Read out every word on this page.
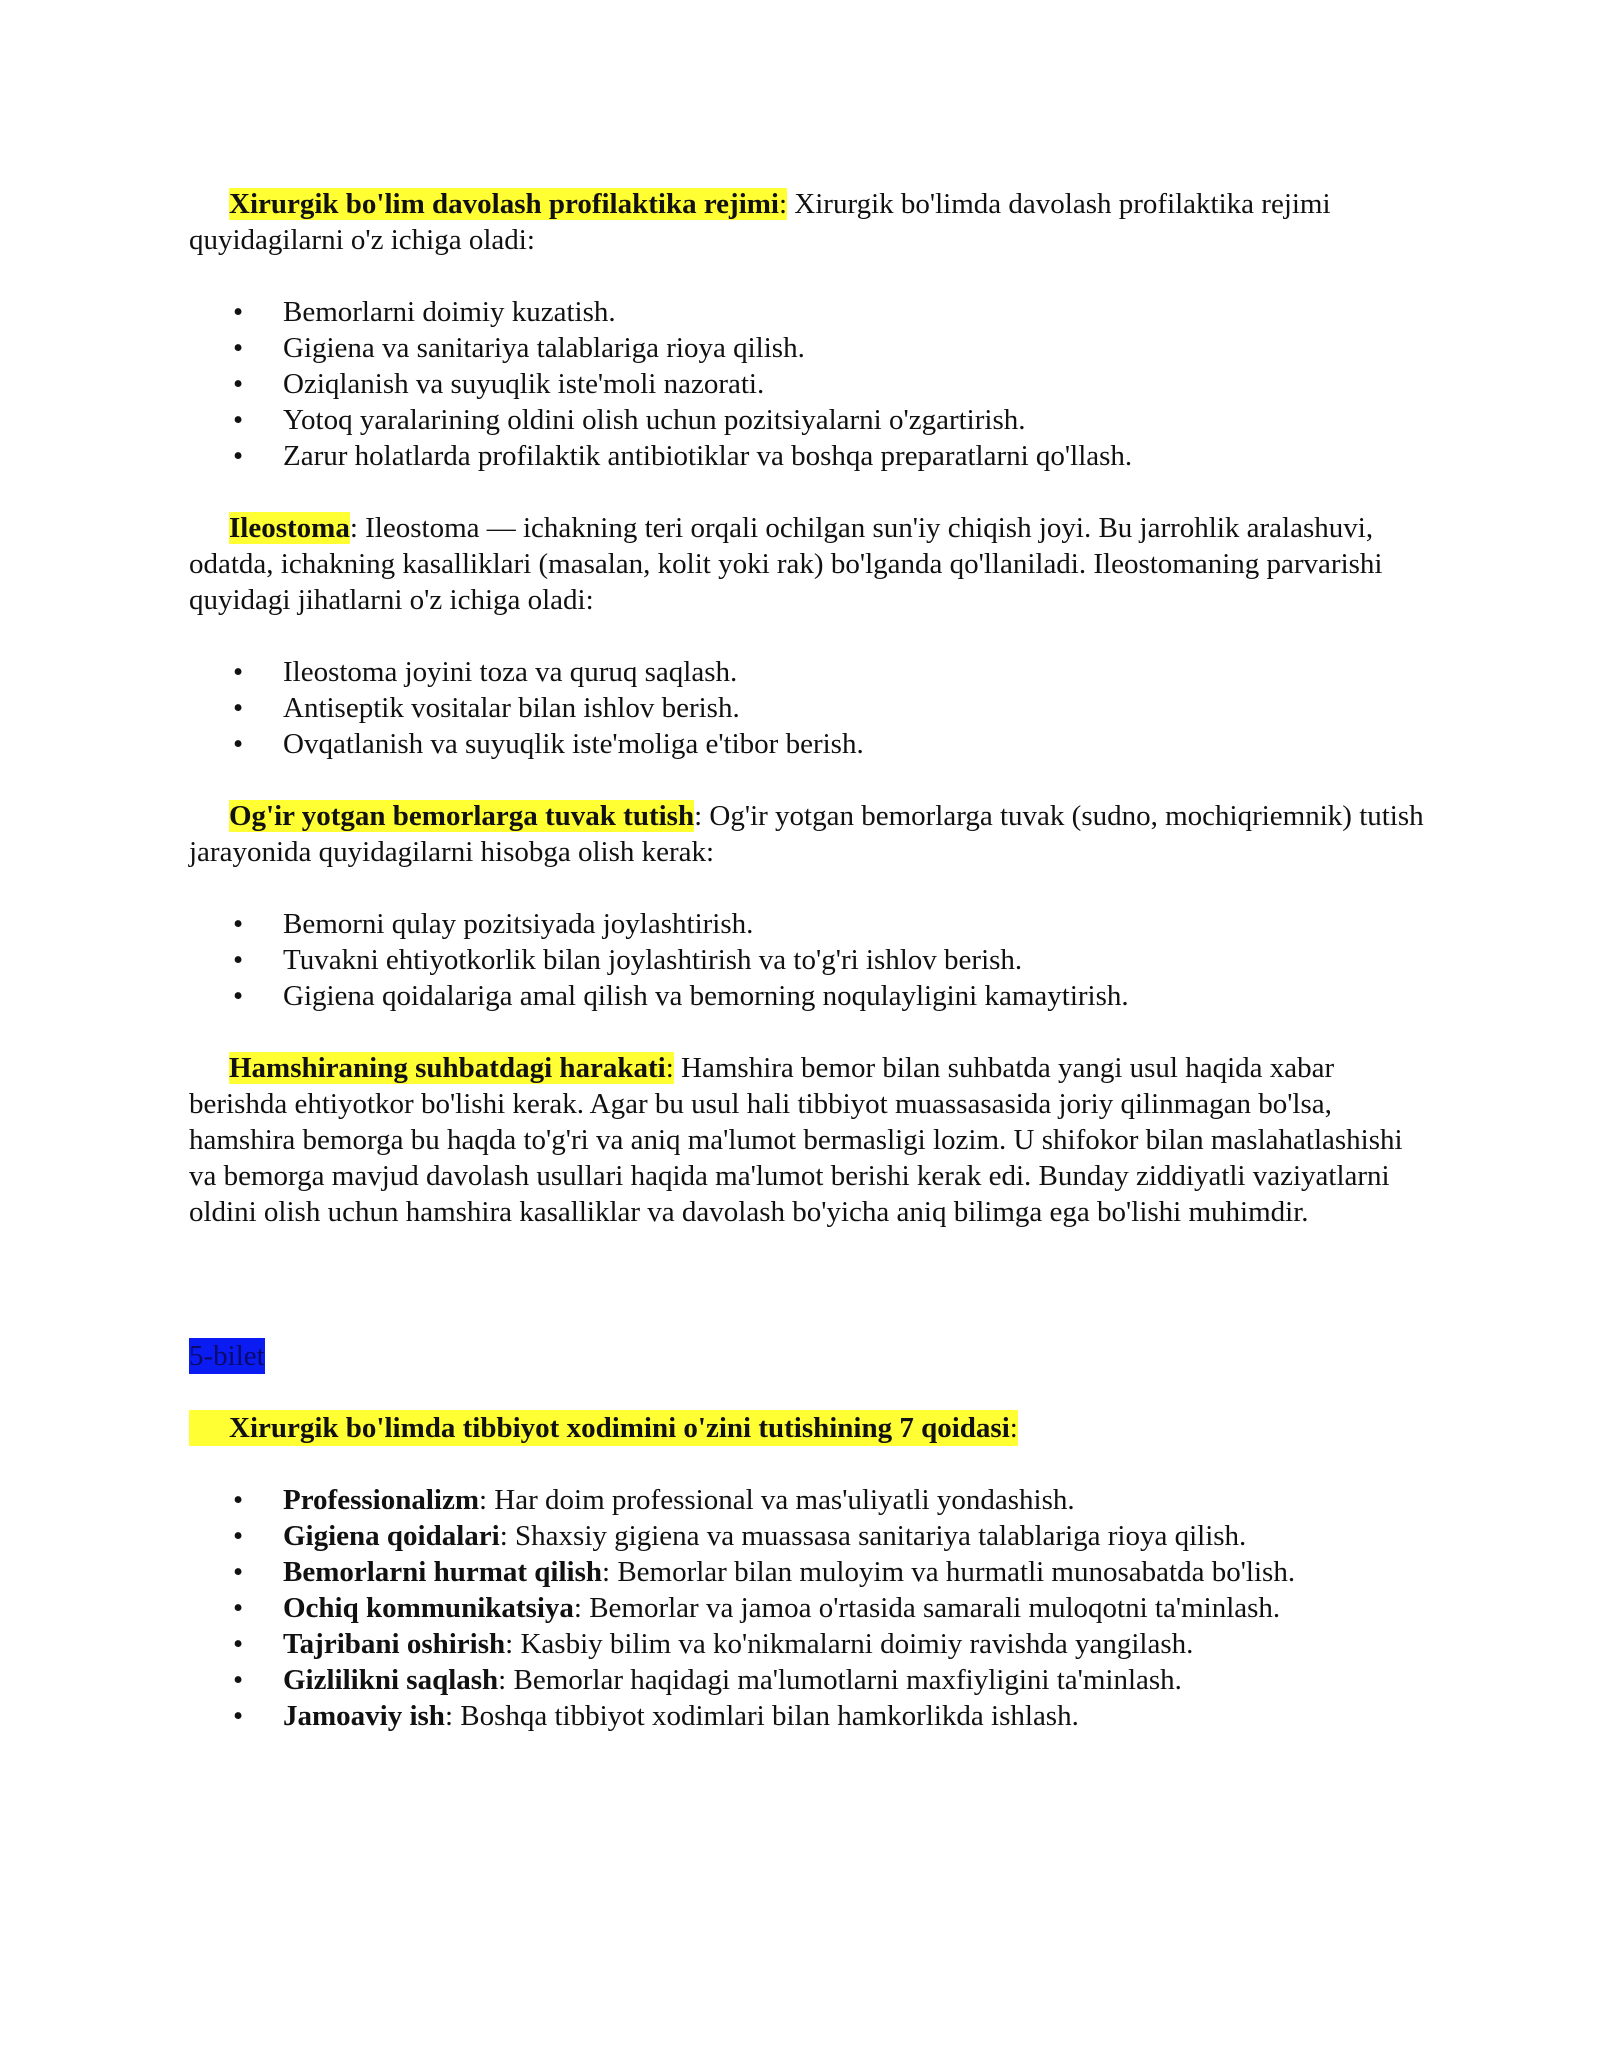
Xirurgik bo'lim davolash profilaktika rejimi: Xirurgik bo'limda davolash profilaktika rejimi quyidagilarni o'z ichiga oladi:

• Bemorlarni doimiy kuzatish.
• Gigiena va sanitariya talablariga rioya qilish.
• Oziqlanish va suyuqlik iste'moli nazorati.
• Yotoq yaralarining oldini olish uchun pozitsiyalarni o'zgartirish.
• Zarur holatlarda profilaktik antibiotiklar va boshqa preparatlarni qo'llash.

Ileostoma: Ileostoma — ichakning teri orqali ochilgan sun'iy chiqish joyi. Bu jarrohlik aralashuvi, odatda, ichakning kasalliklari (masalan, kolit yoki rak) bo'lganda qo'llaniladi. Ileostomaning parvarishi quyidagi jihatlarni o'z ichiga oladi:

• Ileostoma joyini toza va quruq saqlash.
• Antiseptik vositalar bilan ishlov berish.
• Ovqatlanish va suyuqlik iste'moliga e'tibor berish.

Og'ir yotgan bemorlarga tuvak tutish: Og'ir yotgan bemorlarga tuvak (sudno, mochiqriemnik) tutish jarayonida quyidagilarni hisobga olish kerak:

• Bemorni qulay pozitsiyada joylashtirish.
• Tuvakni ehtiyotkorlik bilan joylashtirish va to'g'ri ishlov berish.
• Gigiena qoidalariga amal qilish va bemorning noqulayligini kamaytirish.

Hamshiraning suhbatdagi harakati: Hamshira bemor bilan suhbatda yangi usul haqida xabar berishda ehtiyotkor bo'lishi kerak. Agar bu usul hali tibbiyot muassasasida joriy qilinmagan bo'lsa, hamshira bemorga bu haqda to'g'ri va aniq ma'lumot bermasligi lozim. U shifokor bilan maslahatlashishi va bemorga mavjud davolash usullari haqida ma'lumot berishi kerak edi. Bunday ziddiyatli vaziyatlarni oldini olish uchun hamshira kasalliklar va davolash bo'yicha aniq bilimga ega bo'lishi muhimdir.

5-bilet

Xirurgik bo'limda tibbiyot xodimini o'zini tutishining 7 qoidasi:

• Professionalizm: Har doim professional va mas'uliyatli yondashish.
• Gigiena qoidalari: Shaxsiy gigiena va muassasa sanitariya talablariga rioya qilish.
• Bemorlarni hurmat qilish: Bemorlar bilan muloyim va hurmatli munosabatda bo'lish.
• Ochiq kommunikatsiya: Bemorlar va jamoa o'rtasida samarali muloqotni ta'minlash.
• Tajribani oshirish: Kasbiy bilim va ko'nikmalarni doimiy ravishda yangilash.
• Gizlilikni saqlash: Bemorlar haqidagi ma'lumotlarni maxfiyligini ta'minlash.
• Jamoaviy ish: Boshqa tibbiyot xodimlari bilan hamkorlikda ishlash.
